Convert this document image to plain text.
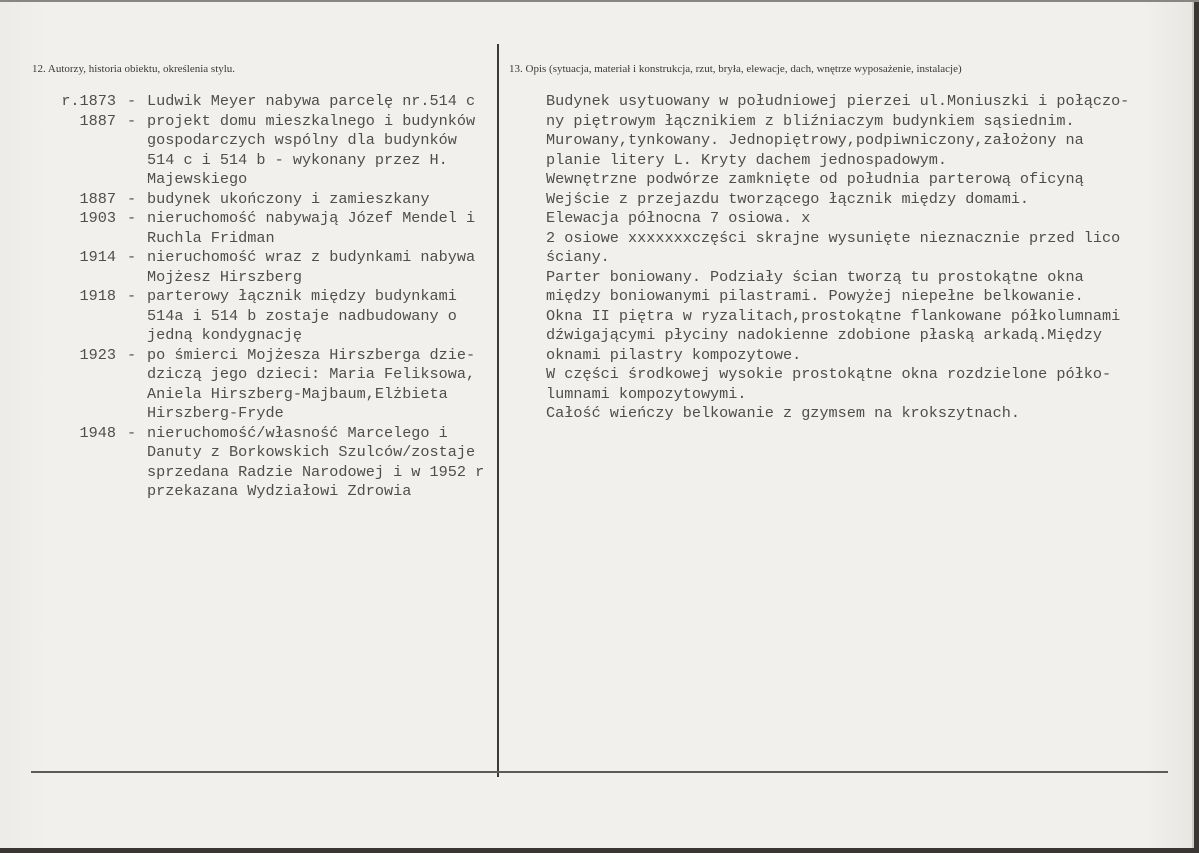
12. Autorzy, historia obiektu, określenia stylu.	13. Opis (sytuacja, materiał i konstrukcja, rzut, bryła, elewacje, dach, wnętrze wyposażenie, instalacje)
r.1873 - Ludwik Meyer nabywa parcelę nr.514 c
1887 - projekt domu mieszkalnego i budynków
gospodarczych wspólny dla budynków
514 c i 514 b - wykonany przez H.
Majewskiego
1887 - budynek ukończony i zamieszkany
1903 - nieruchomość nabywają Józef Mendel i
Ruchla Fridman
1914 - nieruchomość wraz z budynkami nabywa
Mojżesz Hirszberg
1918 - parterowy łącznik między budynkami
514a i 514 b zostaje nadbudowany o
jedną kondygnację
1923 - po śmierci Mojżesza Hirszberga dzie-
dziczą jego dzieci: Maria Feliksowa,
Aniela Hirszberg-Majbaum,Elżbieta
Hirszberg-Fryde
1948 - nieruchomość/własność Marcelego i
Danuty z Borkowskich Szulców/zostaje
sprzedana Radzie Narodowej i w 1952 r
przekazana Wydziałowi Zdrowia
Budynek usytuowany w południowej pierzei ul.Moniuszki i połączo-
ny piętrowym łącznikiem z bliźniaczym budynkiem sąsiednim.
Murowany,tynkowany. Jednopiętrowy,podpiwniczony,założony na
planie litery L. Kryty dachem jednospadowym.
Wewnętrzne podwórze zamknięte od południa parterową oficyną
Wejście z przejazdu tworzącego łącznik między domami.
Elewacja północna 7 osiowa. x
2 osiowe xxxxxxxczęści skrajne wysunięte nieznacznie przed lico
ściany.
Parter boniowany. Podziały ścian tworzą tu prostokątne okna
między boniowanymi pilastrami. Powyżej niepełne belkowanie.
Okna II piętra w ryzalitach,prostokątne flankowane półkolumnami
dźwigającymi płyciny nadokienne zdobione płaską arkadą.Między
oknami pilastry kompozytowe.
W części środkowej wysokie prostokątne okna rozdzielone półko-
lumnami kompozytowymi.
Całość wieńczy belkowanie z gzymsem na krokszytnach.
